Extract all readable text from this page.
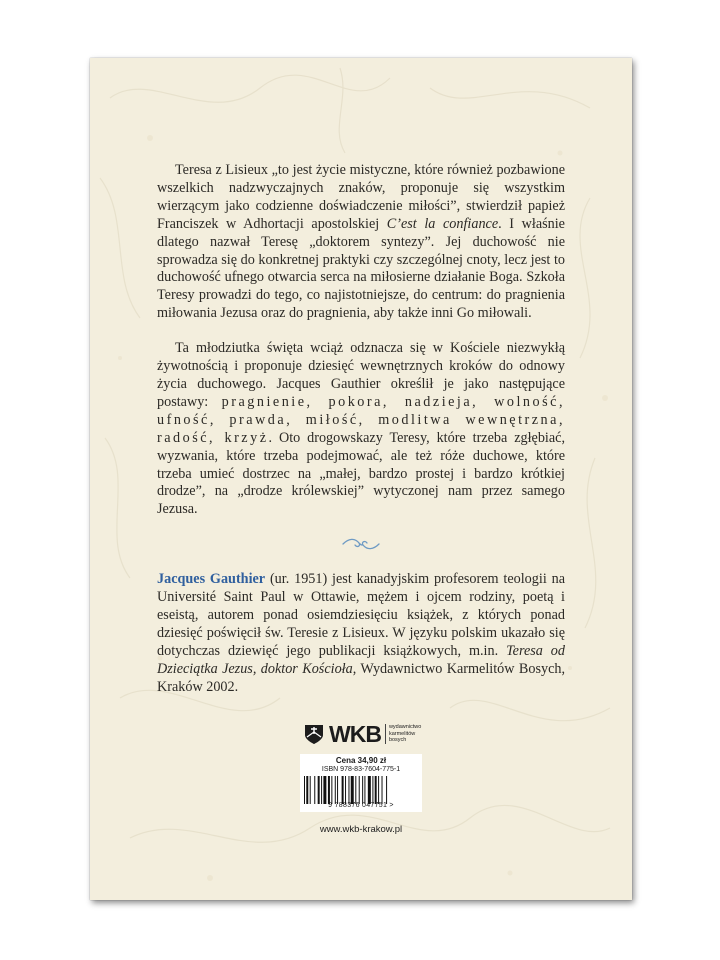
Teresa z Lisieux „to jest życie mistyczne, które również pozbawione wszelkich nadzwyczajnych znaków, proponuje się wszystkim wierzącym jako codzienne doświadczenie miłości”, stwierdził papież Franciszek w Adhortacji apostolskiej C’est la confiance. I właśnie dlatego nazwał Teresę „doktorem syntezy”. Jej duchowość nie sprowadza się do konkretnej praktyki czy szczególnej cnoty, lecz jest to duchowość ufnego otwarcia serca na miłosierne działanie Boga. Szkoła Teresy prowadzi do tego, co najistotniejsze, do centrum: do pragnienia miłowania Jezusa oraz do pragnienia, aby także inni Go miłowali.

Ta młodziutka święta wciąż odznacza się w Kościele niezwykłą żywotnością i proponuje dziesięć wewnętrznych kroków do odnowy życia duchowego. Jacques Gauthier określił je jako następujące postawy: pragnienie, pokora, nadzieja, wolność, ufność, prawda, miłość, modlitwa wewnętrzna, radość, krzyż. Oto drogowskazy Teresy, które trzeba zgłębiać, wyzwania, które trzeba podejmować, ale też róże duchowe, które trzeba umieć dostrzec na „małej, bardzo prostej i bardzo krótkiej drodze”, na „drodze królewskiej” wytyczonej nam przez samego Jezusa.

Jacques Gauthier (ur. 1951) jest kanadyjskim profesorem teologii na Université Saint Paul w Ottawie, mężem i ojcem rodziny, poetą i eseistą, autorem ponad osiemdziesięciu książek, z których ponad dziesięć poświęcił św. Teresie z Lisieux. W języku polskim ukazało się dotychczas dziewięć jego publikacji książkowych, m.in. Teresa od Dzieciątka Jezus, doktor Kościoła, Wydawnictwo Karmelitów Bosych, Kraków 2002.

WKB wydawnictwo
karmelitów
bosych
Cena 34,90 zł
ISBN 978-83-7604-775-1
9 788376 047751 >
www.wkb-krakow.pl
